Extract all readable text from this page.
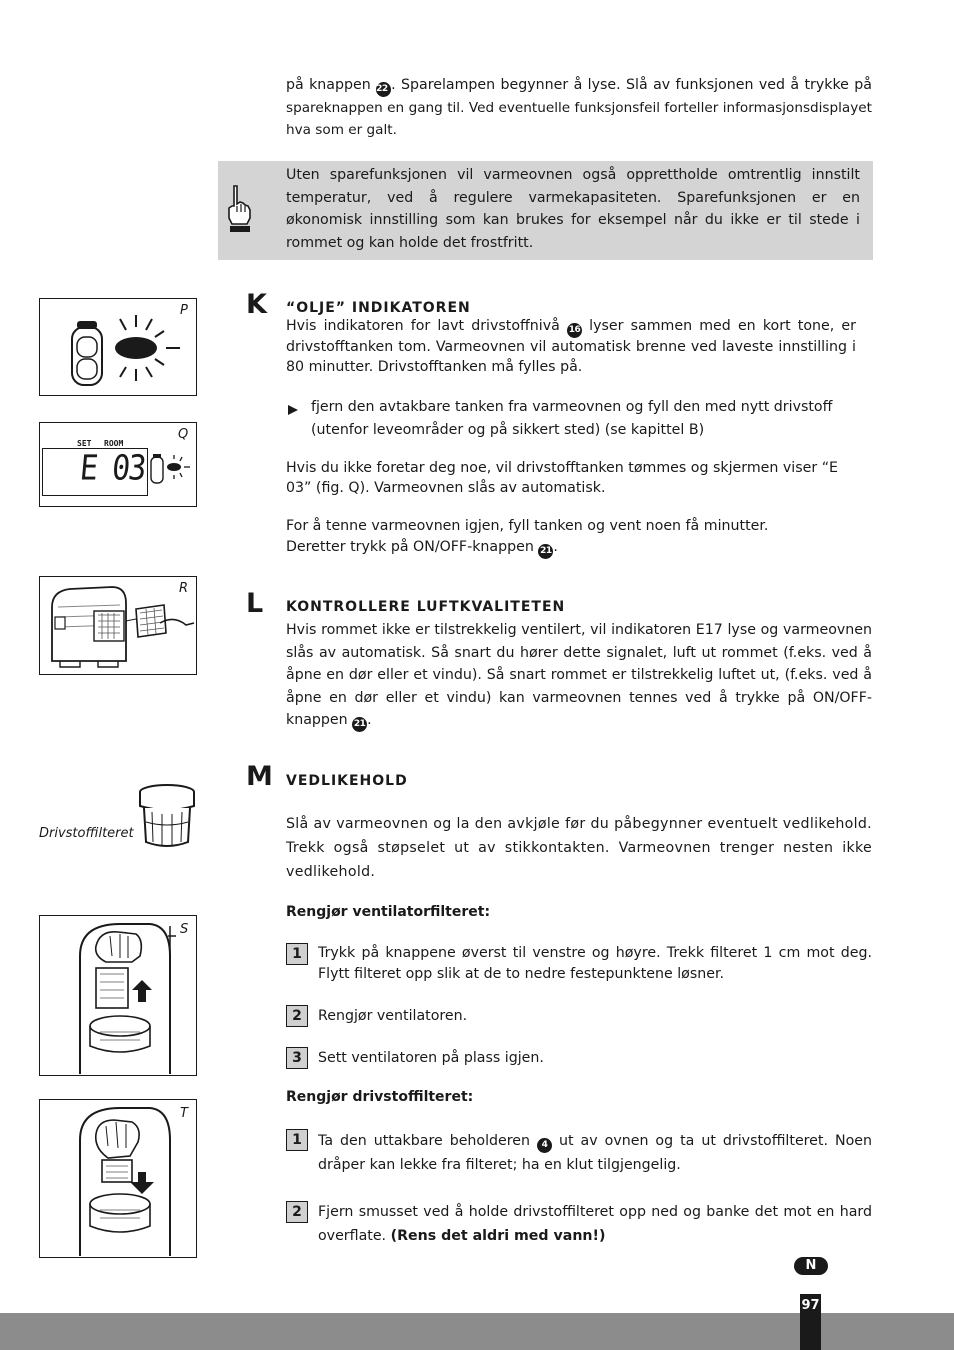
på knappen 22 . Sparelampen begynner å lyse. Slå av funksjonen ved å trykke på
spareknappen en gang til. Ved eventuelle funksjonsfeil forteller informasjonsdisplayet
hva som er galt.
Uten sparefunksjonen vil varmeovnen også opprettholde omtrentlig innstilt temperatur, ved å regulere varmekapasiteten. Sparefunksjonen er en økonomisk innstilling som kan brukes for eksempel når du ikke er til stede i rommet og kan holde det frostfritt.
K “OLJE” INDIKATOREN
Hvis indikatoren for lavt drivstoffnivå 16 lyser sammen med en kort tone, er drivstofftanken tom. Varmeovnen vil automatisk brenne ved laveste innstilling i 80 minutter. Drivstofftanken må fylles på.
fjern den avtakbare tanken fra varmeovnen og fyll den med nytt drivstoff (utenfor leveområder og på sikkert sted) (se kapittel B)
Hvis du ikke foretar deg noe, vil drivstofftanken tømmes og skjermen viser “E 03” (fig. Q). Varmeovnen slås av automatisk.
For å tenne varmeovnen igjen, fyll tanken og vent noen få minutter.
Deretter trykk på ON/OFF-knappen 21 .
L KONTROLLERE LUFTKVALITETEN
Hvis rommet ikke er tilstrekkelig ventilert, vil indikatoren E17 lyse og varmeovnen slås av automatisk. Så snart du hører dette signalet, luft ut rommet (f.eks. ved å åpne en dør eller et vindu). Så snart rommet er tilstrekkelig luftet ut, (f.eks. ved å åpne en dør eller et vindu) kan varmeovnen tennes ved å trykke på ON/OFF-knappen 21 .
M VEDLIKEHOLD
Slå av varmeovnen og la den avkjøle før du påbegynner eventuelt vedlikehold. Trekk også støpselet ut av stikkontakten. Varmeovnen trenger nesten ikke vedlikehold.
Rengjør ventilatorfilteret:
1	Trykk på knappene øverst til venstre og høyre. Trekk filteret 1 cm mot deg. Flytt filteret opp slik at de to nedre festepunktene løsner.
2	Rengjør ventilatoren.
3	Sett ventilatoren på plass igjen.
Rengjør drivstoffilteret:
1	Ta den uttakbare beholderen 4 ut av ovnen og ta ut drivstoffilteret. Noen dråper kan lekke fra filteret; ha en klut tilgjengelig.
2	Fjern smusset ved å holde drivstoffilteret opp ned og banke det mot en hard overflate. (Rens det aldri med vann!)
P
Q
SET ROOM
E 03
R
Drivstoffilteret
S
T
N
97
